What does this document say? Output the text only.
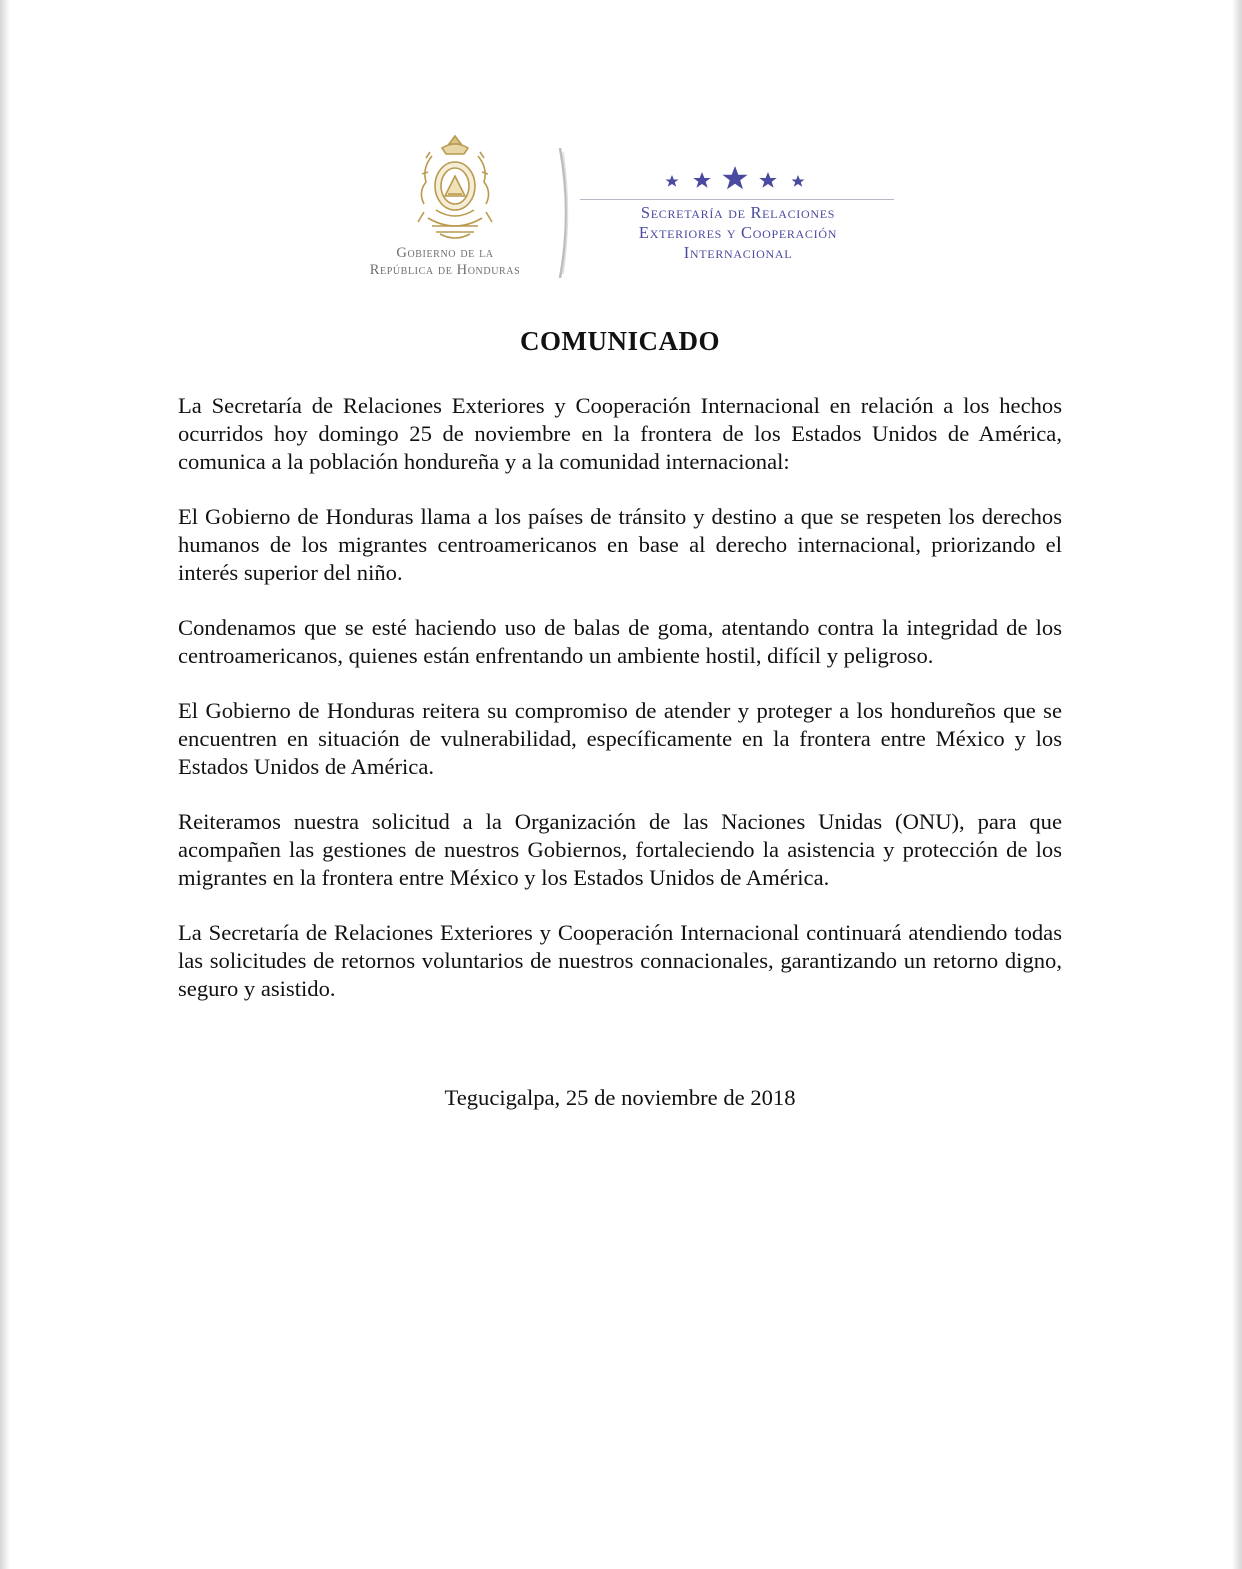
Gobierno de la
República de Honduras
Secretaría de Relaciones
Exteriores y Cooperación
Internacional
COMUNICADO

La Secretaría de Relaciones Exteriores y Cooperación Internacional en relación a los hechos ocurridos hoy domingo 25 de noviembre en la frontera de los Estados Unidos de América, comunica a la población hondureña y a la comunidad internacional:

El Gobierno de Honduras llama a los países de tránsito y destino a que se respeten los derechos humanos de los migrantes centroamericanos en base al derecho internacional, priorizando el interés superior del niño.

Condenamos que se esté haciendo uso de balas de goma, atentando contra la integridad de los centroamericanos, quienes están enfrentando un ambiente hostil, difícil y peligroso.

El Gobierno de Honduras reitera su compromiso de atender y proteger a los hondureños que se encuentren en situación de vulnerabilidad, específicamente en la frontera entre México y los Estados Unidos de América.

Reiteramos nuestra solicitud a la Organización de las Naciones Unidas (ONU), para que acompañen las gestiones de nuestros Gobiernos, fortaleciendo la asistencia y protección de los migrantes en la frontera entre México y los Estados Unidos de América.

La Secretaría de Relaciones Exteriores y Cooperación Internacional continuará atendiendo todas las solicitudes de retornos voluntarios de nuestros connacionales, garantizando un retorno digno, seguro y asistido.

Tegucigalpa, 25 de noviembre de 2018
